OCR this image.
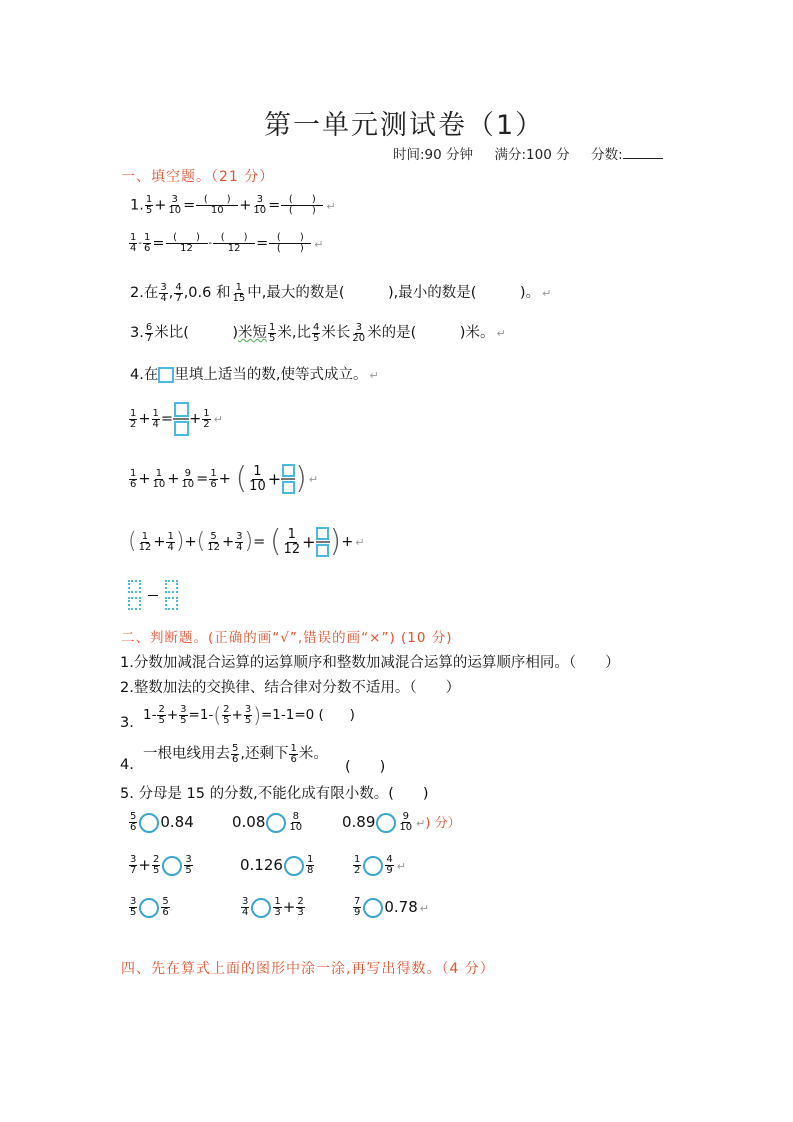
第一单元测试卷（1）
时间:90 分钟 满分:100 分 分数:
一、填空题。（21 分）
1. $\frac{1}{5} + \frac{3}{10}$ = (      )
10	+ $\frac{3}{10}$ = (      )
(      ) ↵
$\frac{1}{4} - \frac{1}{6}$ = (      )
12	-
(      )
12	= (      )
(      ) ↵
2.在 $\frac{3}{4}$ , $\frac{4}{7} ,0.6$ 和 $\frac{1}{15}$ 中,最大的数是(　　　),最小的数是(　　　)。 ↵
3. $\frac{6}{7}$ 米比(　　　)米短 $\frac{1}{5}$ 米,比 $\frac{4}{5}$ 米长 $\frac{3}{20}$ 米的是(　　　)米。 ↵
4.在 里填上适当的数,使等式成立。 ↵
$\frac{1}{2} + \frac{1}{4}$ = + $\frac{1}{2}$ ↵
$\frac{1}{6} + \frac{1}{10} + \frac{9}{10} = \frac{1}{6}$ + ( $\frac{1}{10}$ + ) ↵
( $\frac{1}{12} + \frac{1}{4}$ )+( $\frac{5}{12} + \frac{3}{4}$ )= ( $\frac{1}{12}$ + )+ ↵

二、判断题。(正确的画“√”,错误的画“×”) (10 分)
1.分数加减混合运算的运算顺序和整数加减混合运算的运算顺序相同。（　　）
2.整数加法的交换律、结合律对分数不适用。（　　）
3. $1- \frac{2}{5} + \frac{3}{5} =1-( \frac{2}{5} + \frac{3}{5} )=1-1=0$ (      )
4.
一根电线用去 $\frac{5}{6}$ ,还剩下 $\frac{1}{6}$ 米。
(　　)
5. 分母是 15 的分数,不能化成有限小数。(　　)
$\frac{5}{6} 0.84$	$0.08 \frac{8}{10}$	$0.89 \frac{9}{10}$ ↵) 分）
$\frac{3}{7} + \frac{2}{5} \frac{3}{5}$	$0.126 \frac{1}{8}$	$\frac{1}{2} \frac{4}{9}$ ↵
$\frac{3}{5} \frac{5}{6}$	$\frac{3}{4} \frac{1}{3} + \frac{2}{3}$	$\frac{7}{9} 0.78$ ↵
四、先在算式上面的图形中涂一涂,再写出得数。（4 分）
